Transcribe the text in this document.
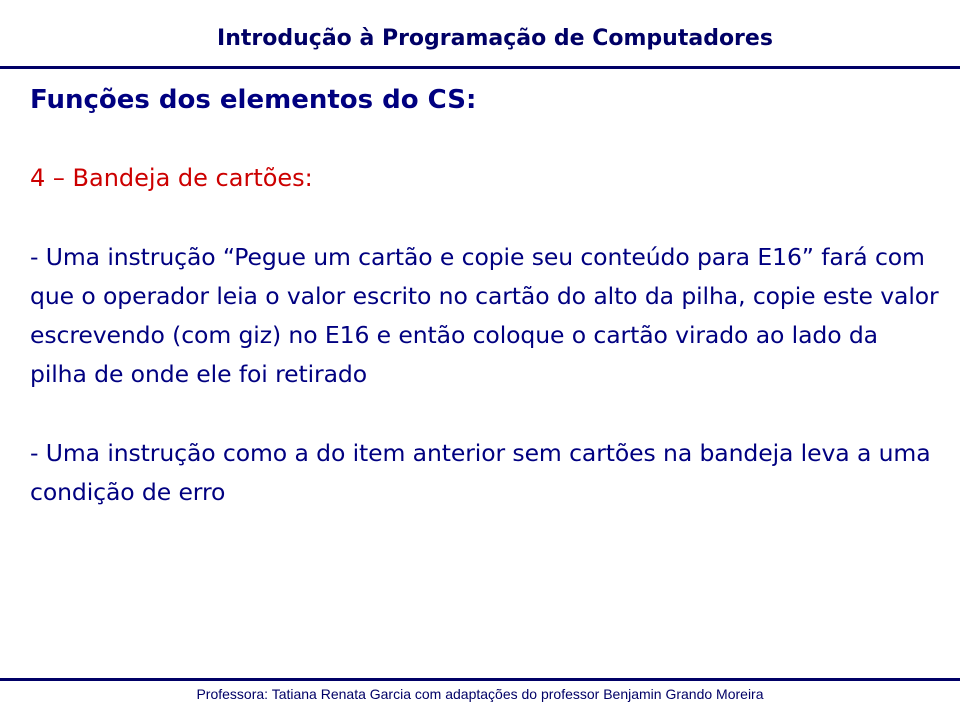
Introdução à Programação de Computadores

Funções dos elementos do CS:

4 – Bandeja de cartões:

- Uma instrução “Pegue um cartão e copie seu conteúdo para E16” fará com que o operador leia o valor escrito no cartão do alto da pilha, copie este valor escrevendo (com giz) no E16 e então coloque o cartão virado ao lado da pilha de onde ele foi retirado

- Uma instrução como a do item anterior sem cartões na bandeja leva a uma condição de erro

Professora: Tatiana Renata Garcia com adaptações do professor Benjamin Grando Moreira
